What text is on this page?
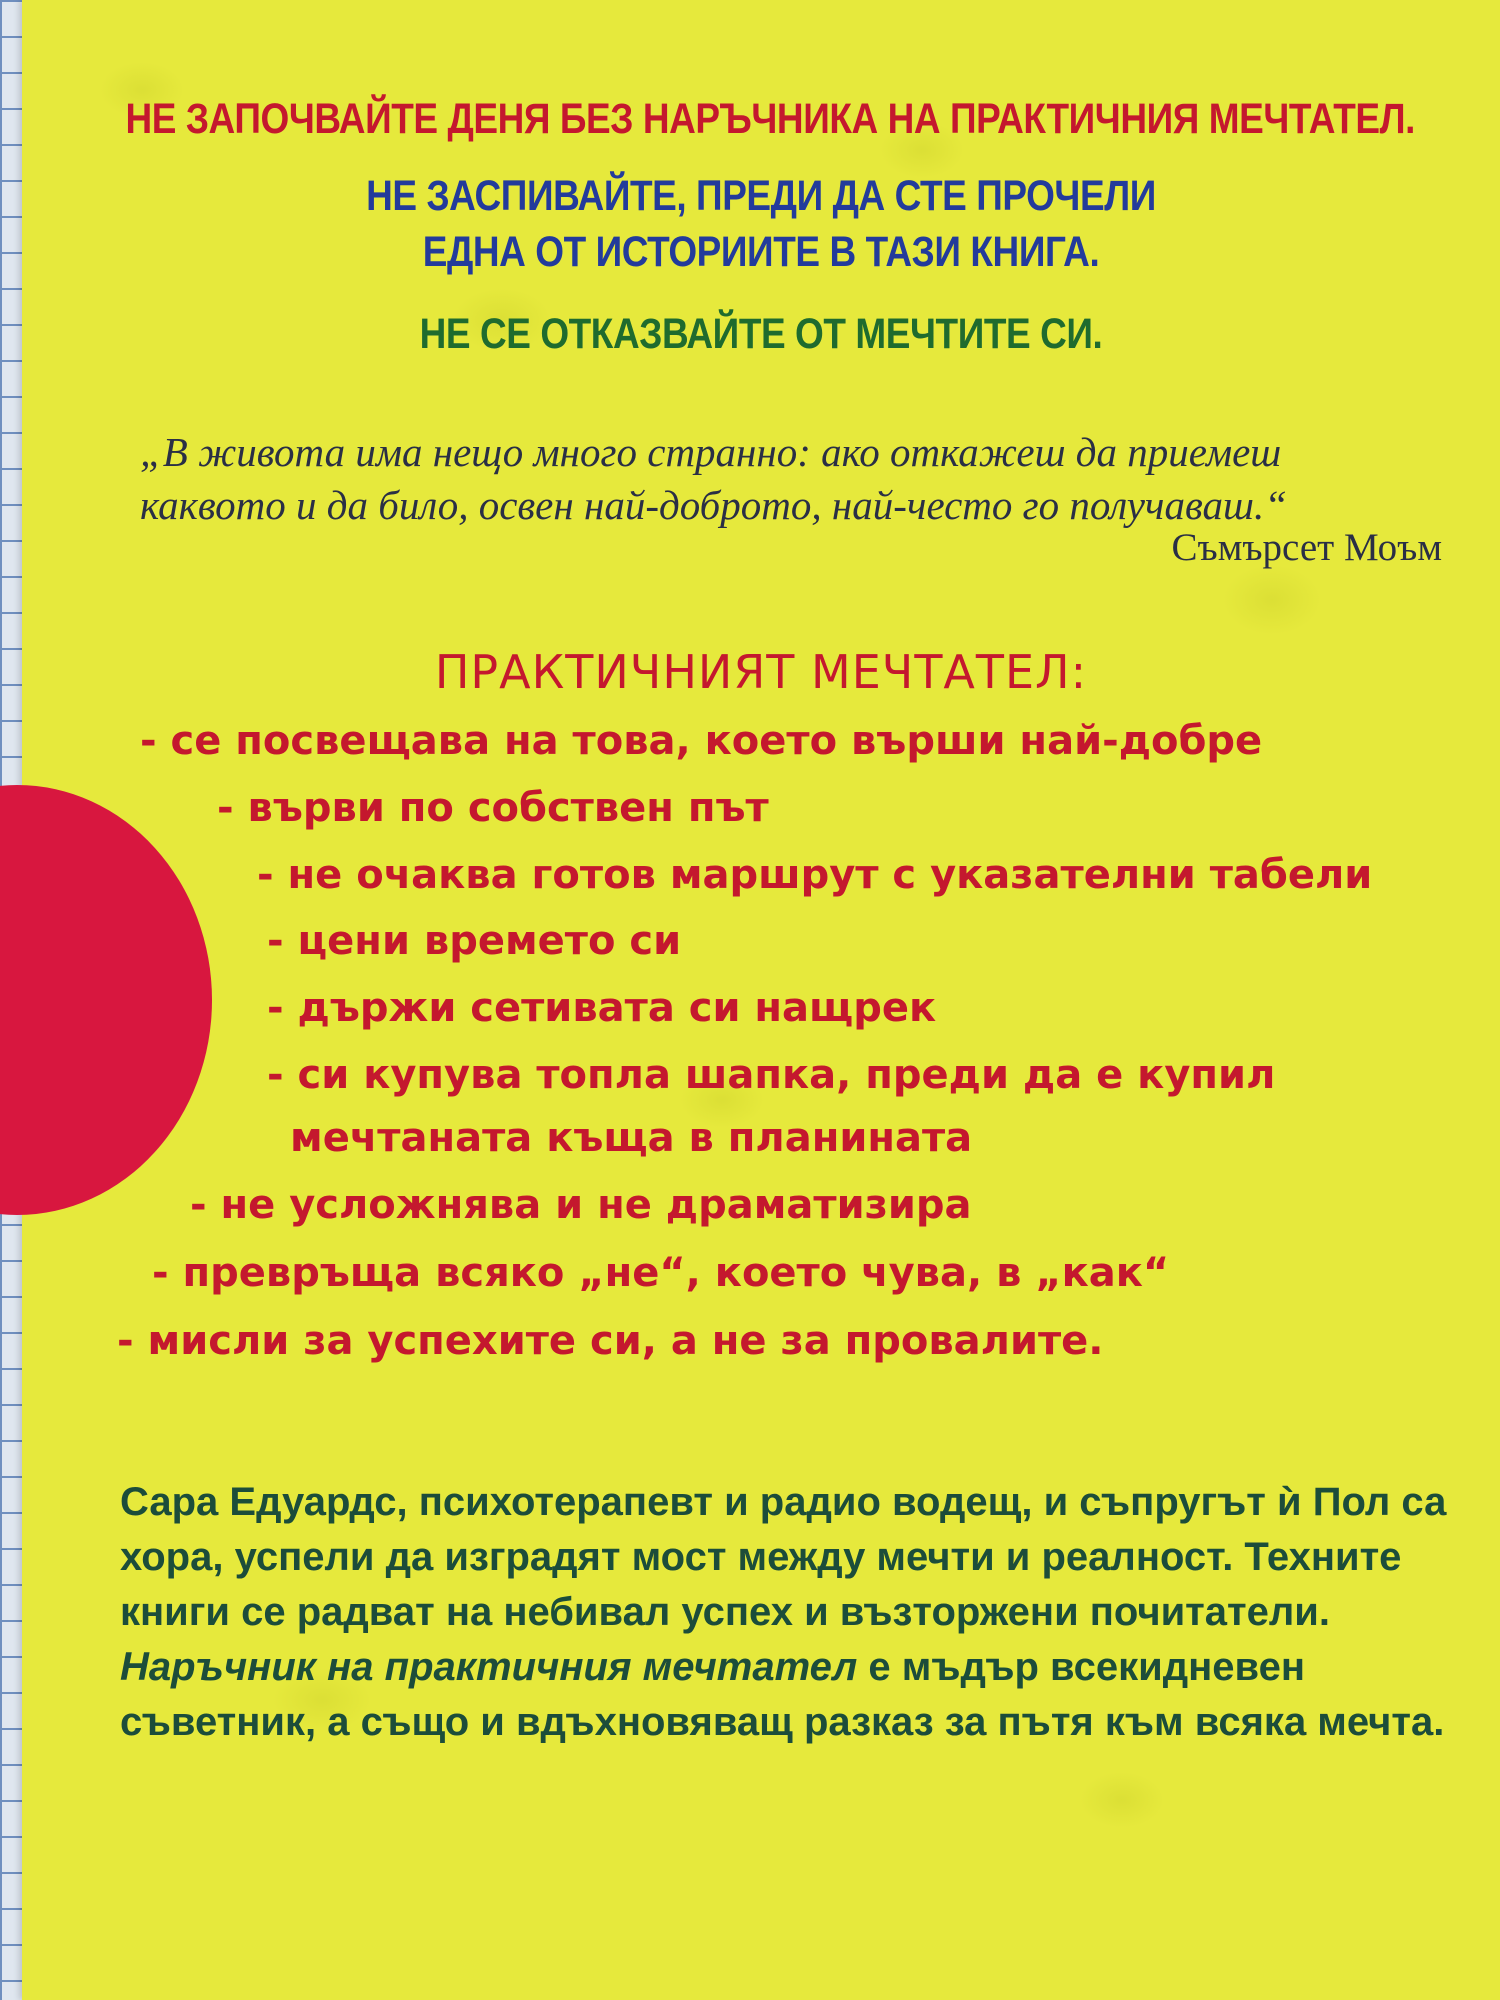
НЕ ЗАПОЧВАЙТЕ ДЕНЯ БЕЗ НАРЪЧНИКА НА ПРАКТИЧНИЯ МЕЧТАТЕЛ.
НЕ ЗАСПИВАЙТЕ, ПРЕДИ ДА СТЕ ПРОЧЕЛИ
ЕДНА ОТ ИСТОРИИТЕ В ТАЗИ КНИГА.
НЕ СЕ ОТКАЗВАЙТЕ ОТ МЕЧТИТЕ СИ.
„В живота има нещо много странно: ако откажеш да приемеш
каквото и да било, освен най-доброто, най-често го получаваш.“
Съмърсет Моъм
ПРАКТИЧНИЯТ МЕЧТАТЕЛ:
- се посвещава на това, което върши най-добре
- върви по собствен път
- не очаква готов маршрут с указателни табели
- цени времето си
- държи сетивата си нащрек
- си купува топла шапка, преди да е купил
мечтаната къща в планината
- не усложнява и не драматизира
- превръща всяко „не“, което чува, в „как“
- мисли за успехите си, а не за провалите.
Сара Едуардс, психотерапевт и радио водещ, и съпругът ѝ Пол са хора, успели да изградят мост между мечти и реалност. Техните книги се радват на небивал успех и възторжени почитатели. Наръчник на практичния мечтател е мъдър всекидневен съветник, а също и вдъхновяващ разказ за пътя към всяка мечта.
